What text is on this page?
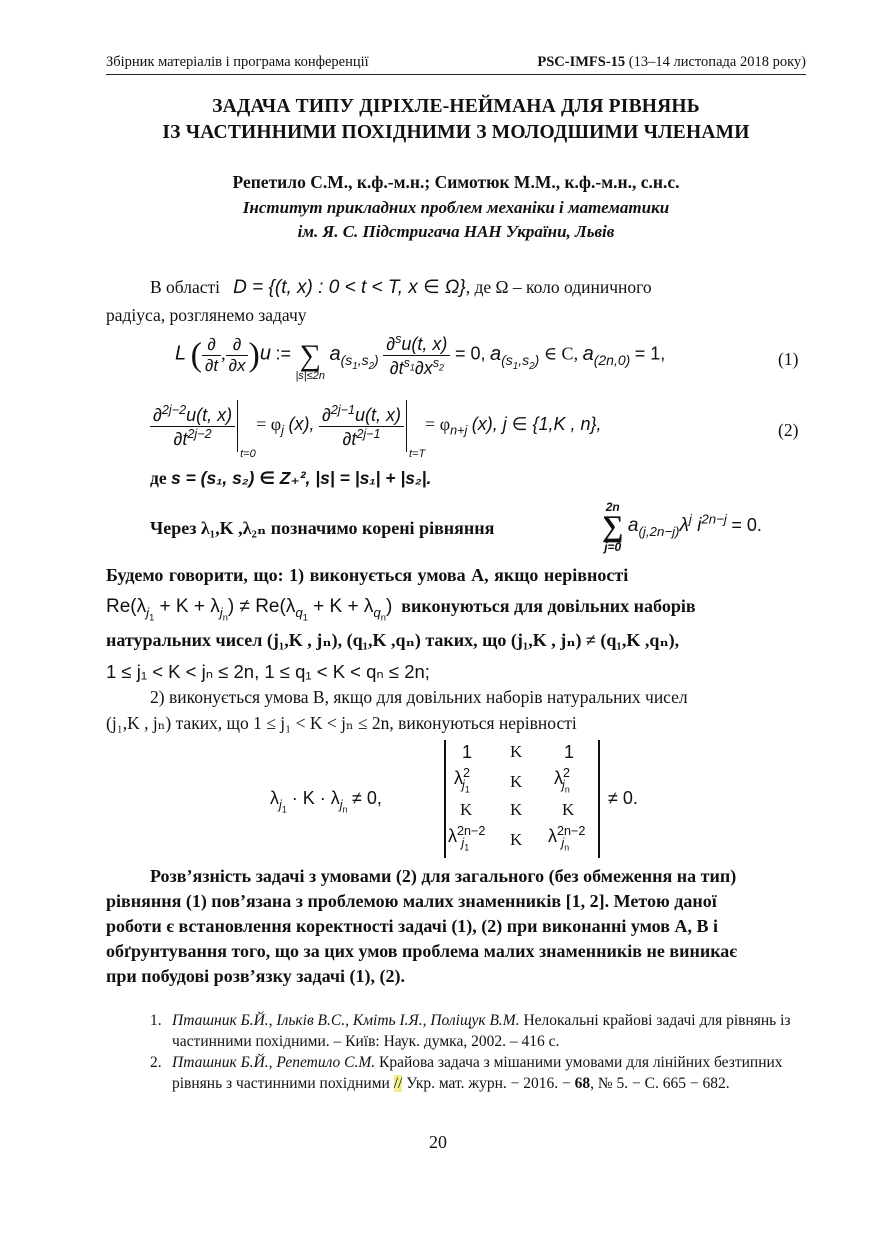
Збірник матеріалів і програма конференції	PSC-IMFS-15 (13–14 листопада 2018 року)
ЗАДАЧА ТИПУ ДІРІХЛЕ-НЕЙМАНА ДЛЯ РІВНЯНЬ
ІЗ ЧАСТИННИМИ ПОХІДНИМИ З МОЛОДШИМИ ЧЛЕНАМИ
Репетило С.М., к.ф.-м.н.; Симотюк М.М., к.ф.-м.н., с.н.с.
Інститут прикладних проблем механіки і математики
ім. Я. С. Підстригача НАН України, Львів
В області D = {(t, x) : 0 < t < T, x ∈ Ω}, де Ω – коло одиничного
радіуса, розглянемо задачу
L ( $\frac{\partial}{\partial t}$ , $\frac{\partial}{\partial x} )u$ := ∑
|s|≤2n
$a_{(s_1,s_2)} \frac{\partial^su(t, x)}{\partial t^{s_1}\partial x^{s_2}} = 0$, $a_{(s_1,s_2)}$ ∈ C, $a_{(2n,0)} = 1$,	(1)
$\frac{\partial^{2j-2}u(t, x)}{\partial t^{2j-2}}$
t=0
= $\varphi_j$ (x), $\frac{\partial^{2j-1}u(t, x)}{\partial t^{2j-1}}$
t=T
= $\varphi_{n+j}$ (x), j ∈ {1,K , n},	(2)
де s = (s₁, s₂) ∈ Z₊², |s| = |s₁| + |s₂|.
Через λ₁,K ,λ₂ₙ позначимо корені рівняння
2n
∑
j=0
$a_{(j,2n-j)}\lambda^j$ $i^{2n-j} = 0$.
Будемо говорити, що: 1) виконується умова А, якщо нерівності
$Re(\lambda_{j_1} + K + \lambda_{j_n}) \ne Re(\lambda_{q_1} + K + \lambda_{q_n})$ виконуються для довільних наборів
натуральних чисел (j₁,K , jₙ), (q₁,K ,qₙ) таких, що (j₁,K , jₙ) ≠ (q₁,K ,qₙ),
1 ≤ j₁ < K < jₙ ≤ 2n, 1 ≤ q₁ < K < qₙ ≤ 2n;
2) виконується умова В, якщо для довільних наборів натуральних чисел
(j₁,K , jₙ) таких, що 1 ≤ j₁ < K < jₙ ≤ 2n, виконуються нерівності
$\lambda_{j_1} \cdot K \cdot \lambda_{j_n} \ne 0$,
1 K 1
$\lambda^2_{j_1}$ K $\lambda^2_{j_n}$
K K K
$\lambda^{2n-2}_{j_1}$ K $\lambda^{2n-2}_{j_n}$
≠ 0.
Розв’язність задачі з умовами (2) для загального (без обмеження на тип)
рівняння (1) пов’язана з проблемою малих знаменників [1, 2]. Метою даної
роботи є встановлення коректності задачі (1), (2) при виконанні умов А, В і
обґрунтування того, що за цих умов проблема малих знаменників не виникає
при побудові розв’язку задачі (1), (2).
1. Пташник Б.Й., Ільків В.С., Кміть І.Я., Поліщук В.М. Нелокальні крайові задачі для рівнянь із частинними похідними. – Київ: Наук. думка, 2002. – 416 с.
2. Пташник Б.Й., Репетило С.М. Крайова задача з мішаними умовами для лінійних безтипних рівнянь з частинними похідними // Укр. мат. журн. − 2016. − 68, № 5. − С. 665 − 682.
20
